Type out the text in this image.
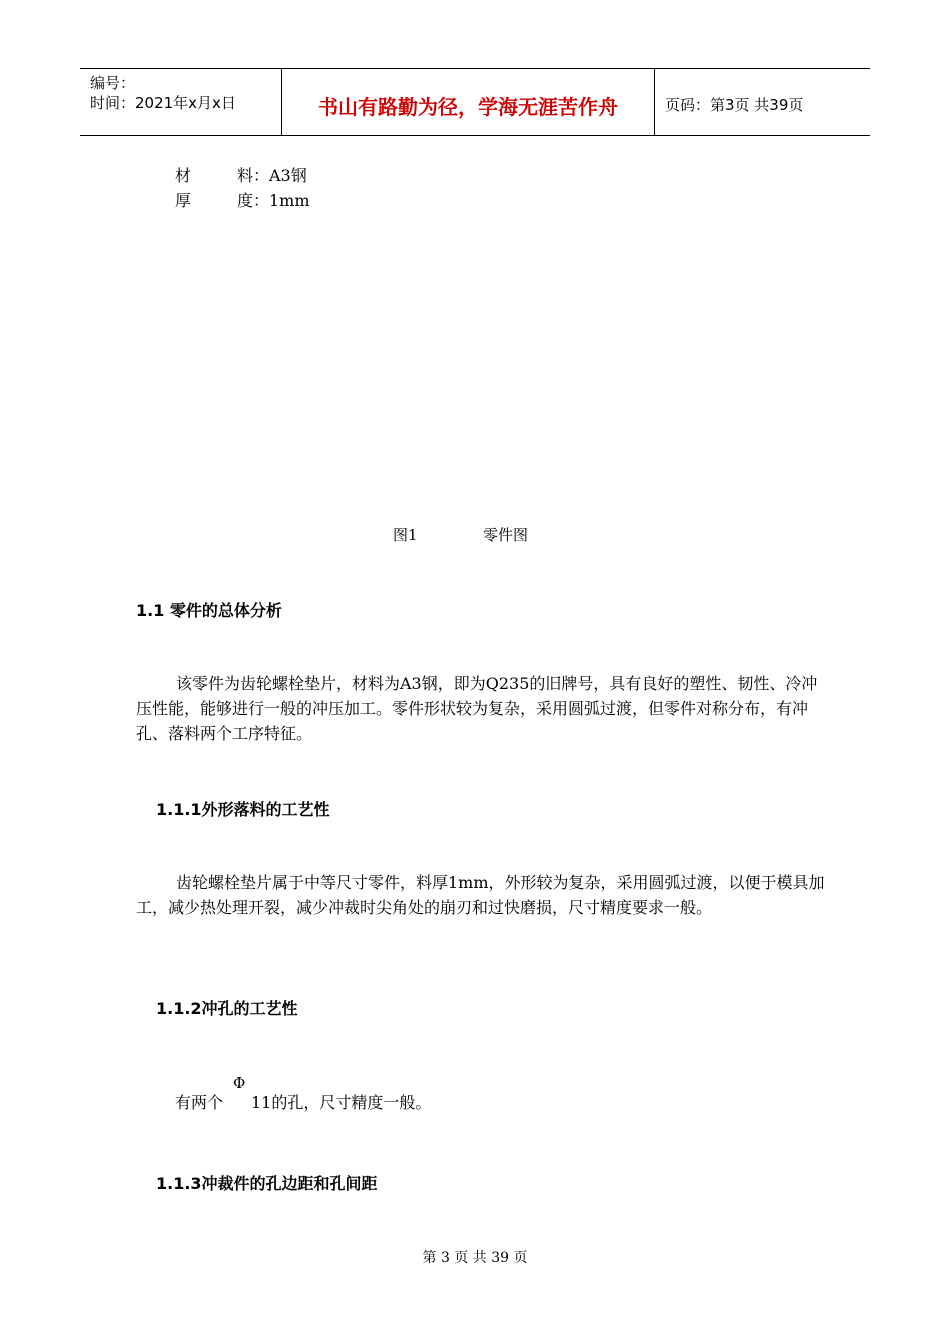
编号：
时间：2021年x月x日	书山有路勤为径，学海无涯苦作舟	页码：第3页 共39页
材	料：A3钢
厚	度：1mm
图1	零件图
1.1 零件的总体分析
该零件为齿轮螺栓垫片，材料为A3钢，即为Q235的旧牌号，具有良好的塑性、韧性、冷冲压性能，能够进行一般的冲压加工。零件形状较为复杂，采用圆弧过渡，但零件对称分布，有冲孔、落料两个工序特征。
1.1.1外形落料的工艺性
齿轮螺栓垫片属于中等尺寸零件，料厚1mm，外形较为复杂，采用圆弧过渡，以便于模具加工，减少热处理开裂，减少冲裁时尖角处的崩刃和过快磨损，尺寸精度要求一般。
1.1.2冲孔的工艺性
有两个
Φ
11的孔，尺寸精度一般。
1.1.3冲裁件的孔边距和孔间距
第 3 页 共 39 页
